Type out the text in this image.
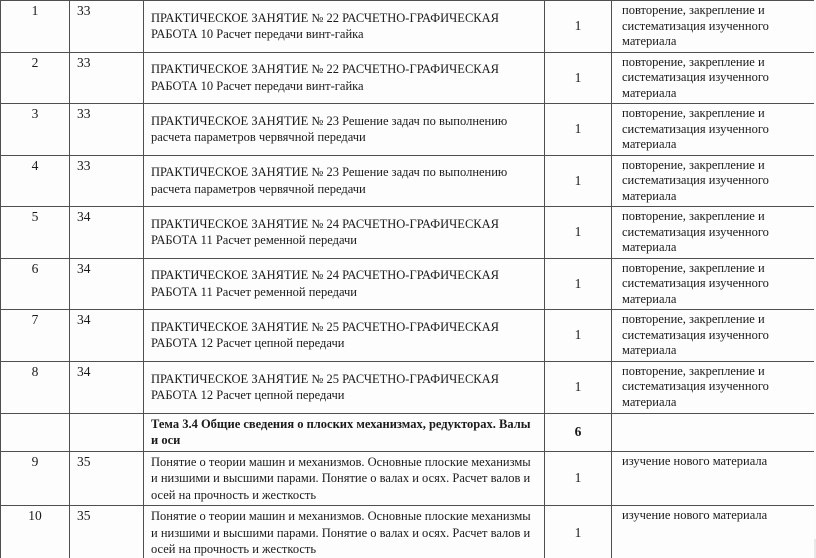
1	33	ПРАКТИЧЕСКОЕ ЗАНЯТИЕ № 22 РАСЧЕТНО-ГРАФИЧЕСКАЯ РАБОТА 10 Расчет передачи винт-гайка	1	повторение, закрепление и систематизация изученного материала
2	33	ПРАКТИЧЕСКОЕ ЗАНЯТИЕ № 22 РАСЧЕТНО-ГРАФИЧЕСКАЯ РАБОТА 10 Расчет передачи винт-гайка	1	повторение, закрепление и систематизация изученного материала
3	33	ПРАКТИЧЕСКОЕ ЗАНЯТИЕ № 23 Решение задач по выполнению расчета параметров червячной передачи	1	повторение, закрепление и систематизация изученного материала
4	33	ПРАКТИЧЕСКОЕ ЗАНЯТИЕ № 23 Решение задач по выполнению расчета параметров червячной передачи	1	повторение, закрепление и систематизация изученного материала
5	34	ПРАКТИЧЕСКОЕ ЗАНЯТИЕ № 24 РАСЧЕТНО-ГРАФИЧЕСКАЯ РАБОТА 11 Расчет ременной передачи	1	повторение, закрепление и систематизация изученного материала
6	34	ПРАКТИЧЕСКОЕ ЗАНЯТИЕ № 24 РАСЧЕТНО-ГРАФИЧЕСКАЯ РАБОТА 11 Расчет ременной передачи	1	повторение, закрепление и систематизация изученного материала
7	34	ПРАКТИЧЕСКОЕ ЗАНЯТИЕ № 25 РАСЧЕТНО-ГРАФИЧЕСКАЯ РАБОТА 12 Расчет цепной передачи	1	повторение, закрепление и систематизация изученного материала
8	34	ПРАКТИЧЕСКОЕ ЗАНЯТИЕ № 25 РАСЧЕТНО-ГРАФИЧЕСКАЯ РАБОТА 12 Расчет цепной передачи	1	повторение, закрепление и систематизация изученного материала
		Тема 3.4 Общие сведения о плоских механизмах, редукторах. Валы и оси	6	
9	35	Понятие о теории машин и механизмов. Основные плоские механизмы и низшими и высшими парами. Понятие о валах и осях. Расчет валов и осей на прочность и жесткость	1	изучение нового материала
10	35	Понятие о теории машин и механизмов. Основные плоские механизмы и низшими и высшими парами. Понятие о валах и осях. Расчет валов и осей на прочность и жесткость	1	изучение нового материала
